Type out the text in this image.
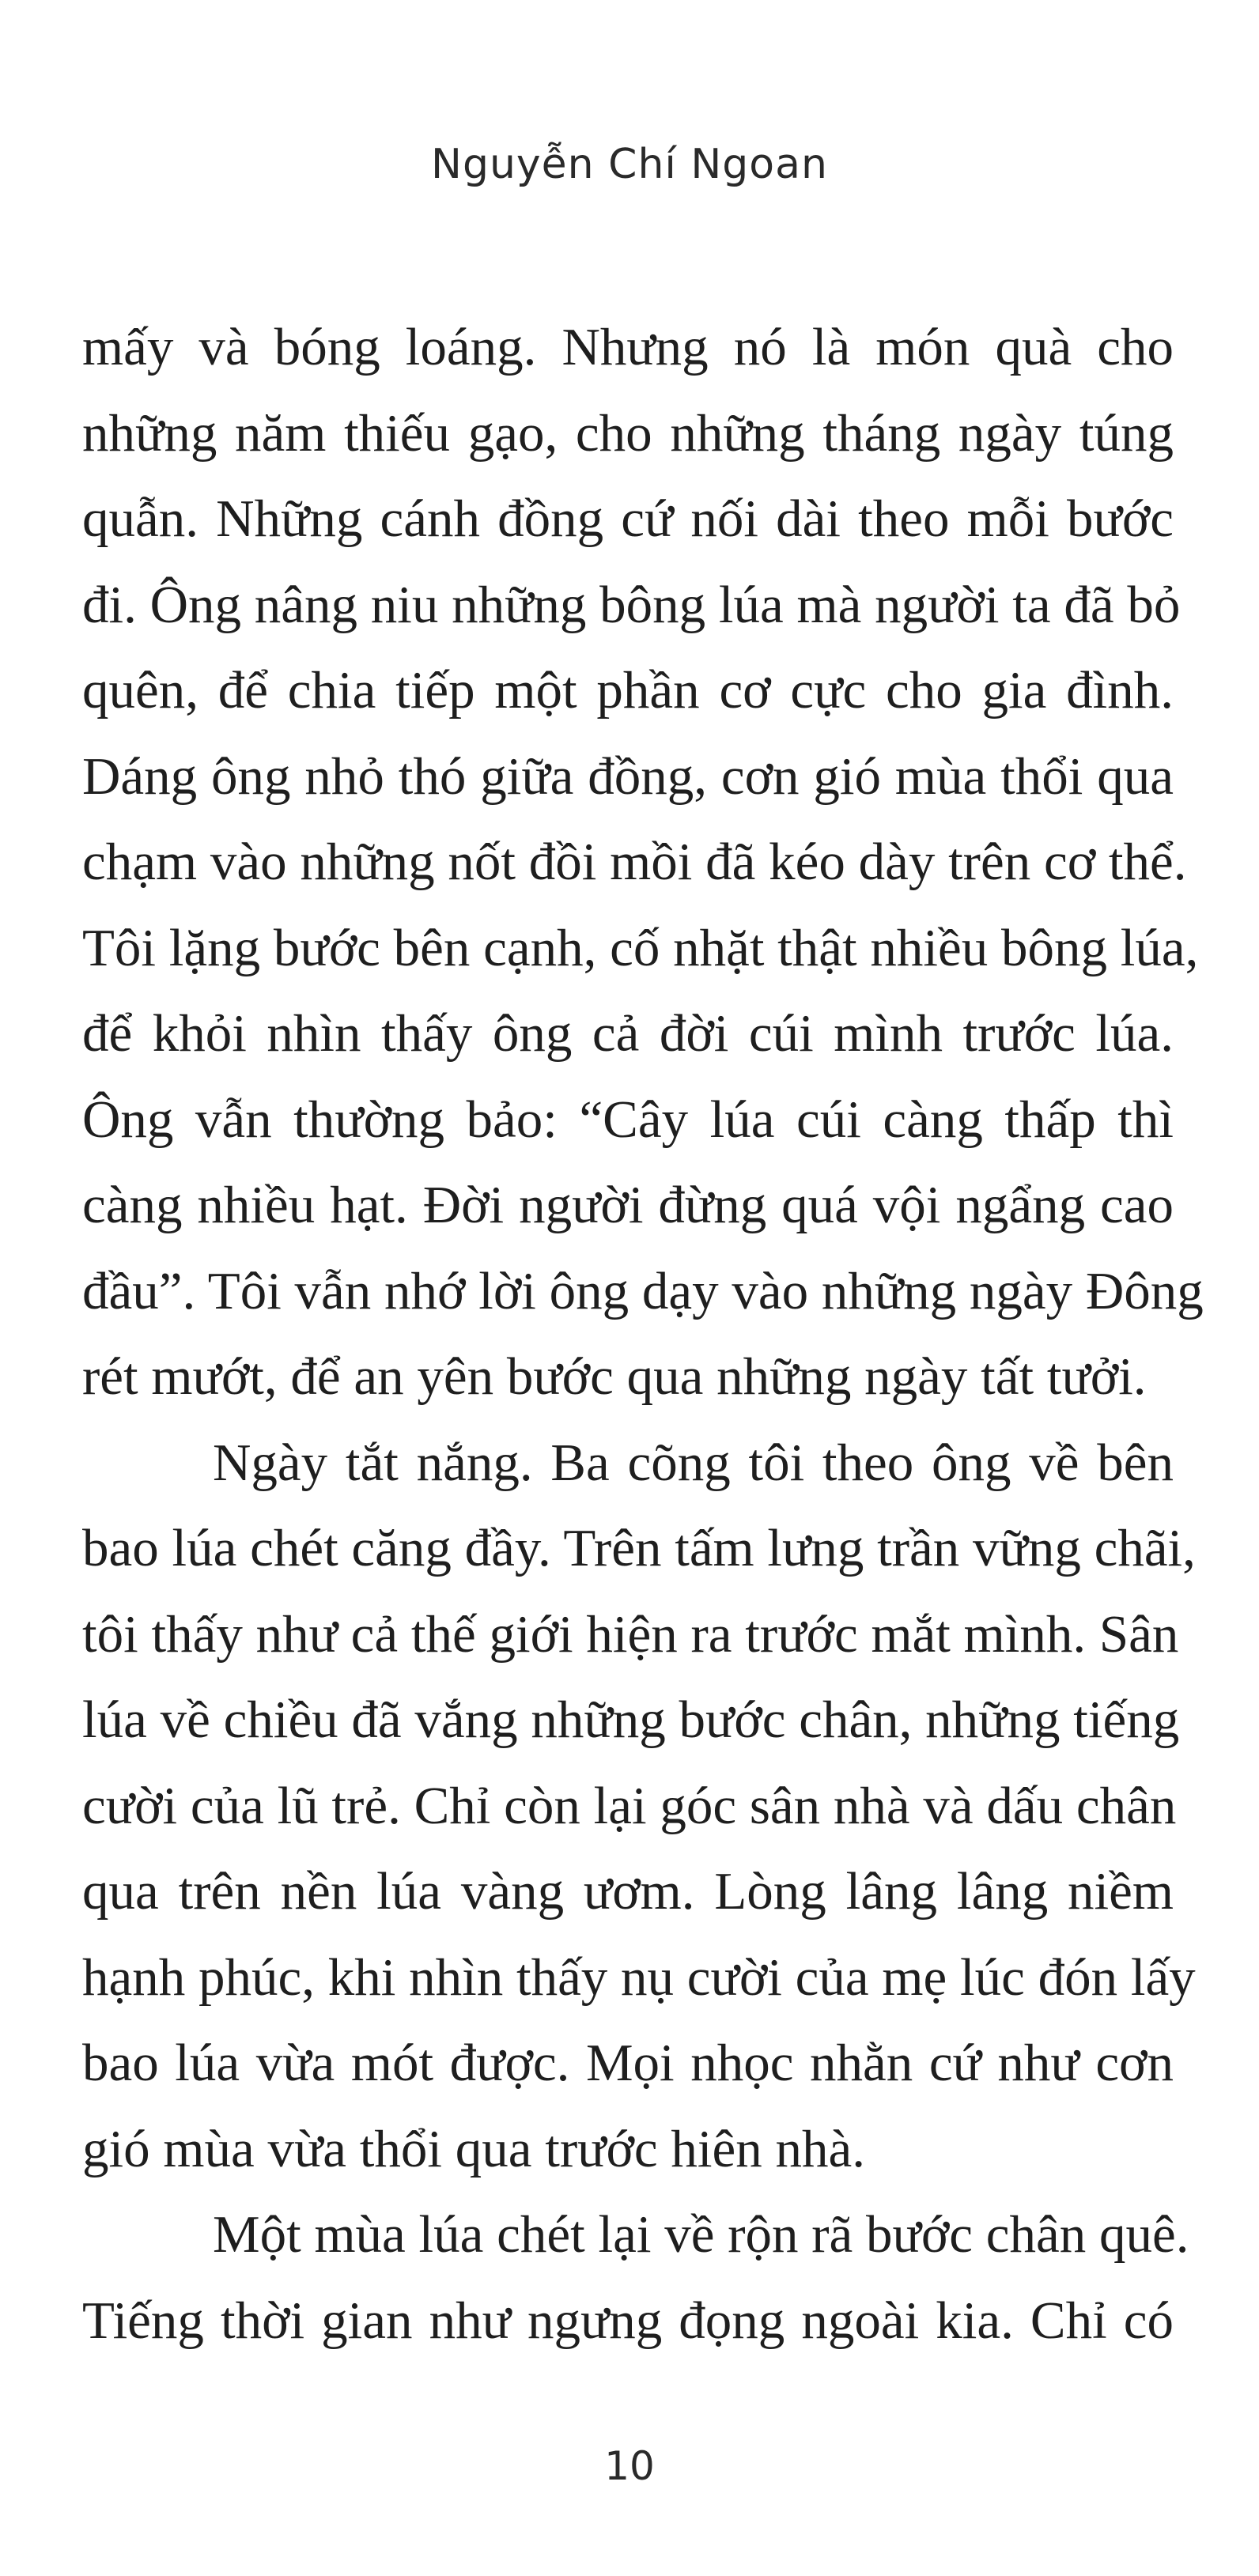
Nguyễn Chí Ngoan
mấy và bóng loáng. Nhưng nó là món quà cho
những năm thiếu gạo, cho những tháng ngày túng
quẫn. Những cánh đồng cứ nối dài theo mỗi bước
đi. Ông nâng niu những bông lúa mà người ta đã bỏ
quên, để chia tiếp một phần cơ cực cho gia đình.
Dáng ông nhỏ thó giữa đồng, cơn gió mùa thổi qua
chạm vào những nốt đồi mồi đã kéo dày trên cơ thể.
Tôi lặng bước bên cạnh, cố nhặt thật nhiều bông lúa,
để khỏi nhìn thấy ông cả đời cúi mình trước lúa.
Ông vẫn thường bảo: “Cây lúa cúi càng thấp thì
càng nhiều hạt. Đời người đừng quá vội ngẩng cao
đầu”. Tôi vẫn nhớ lời ông dạy vào những ngày Đông
rét mướt, để an yên bước qua những ngày tất tưởi.
Ngày tắt nắng. Ba cõng tôi theo ông về bên
bao lúa chét căng đầy. Trên tấm lưng trần vững chãi,
tôi thấy như cả thế giới hiện ra trước mắt mình. Sân
lúa về chiều đã vắng những bước chân, những tiếng
cười của lũ trẻ. Chỉ còn lại góc sân nhà và dấu chân
qua trên nền lúa vàng ươm. Lòng lâng lâng niềm
hạnh phúc, khi nhìn thấy nụ cười của mẹ lúc đón lấy
bao lúa vừa mót được. Mọi nhọc nhằn cứ như cơn
gió mùa vừa thổi qua trước hiên nhà.
Một mùa lúa chét lại về rộn rã bước chân quê.
Tiếng thời gian như ngưng đọng ngoài kia. Chỉ có
10
